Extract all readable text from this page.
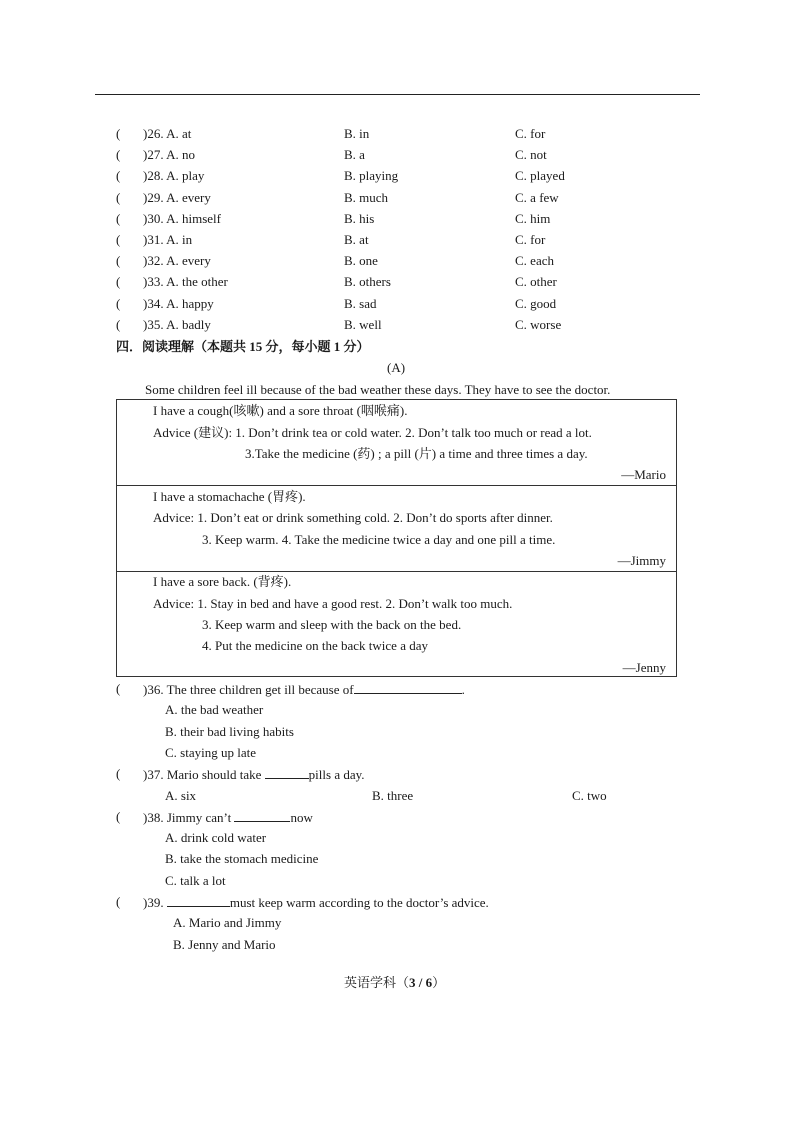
( )26. A. at	B. in	C. for
( )27. A. no	B. a	C. not
( )28. A. play	B. playing	C. played
( )29. A. every	B. much	C. a few
( )30. A. himself	B. his	C. him
( )31. A. in	B. at	C. for
( )32. A. every	B. one	C. each
( )33. A. the other	B. others	C. other
( )34. A. happy	B. sad	C. good
( )35. A. badly	B. well	C. worse
四．阅读理解（本题共 15 分，每小题 1 分）
(A)
Some children feel ill because of the bad weather these days. They have to see the doctor.
I have a cough(咳嗽) and a sore throat (咽喉痛).
Advice (建议): 1. Don’t drink tea or cold water. 2. Don’t talk too much or read a lot.
3.Take the medicine (药) ; a pill (片) a time and three times a day.
—Mario
I have a stomachache (胃疼).
Advice: 1. Don’t eat or drink something cold. 2. Don’t do sports after dinner.
3. Keep warm. 4. Take the medicine twice a day and one pill a time.
—Jimmy
I have a sore back. (背疼).
Advice: 1. Stay in bed and have a good rest. 2. Don’t walk too much.
3. Keep warm and sleep with the back on the bed.
4. Put the medicine on the back twice a day
—Jenny
( )36. The three children get ill because of	.
A. the bad weather
B. their bad living habits
C. staying up late
( )37. Mario should take	pills a day.
A. six	B. three	C. two
( )38. Jimmy can’t	now
A. drink cold water
B. take the stomach medicine
C. talk a lot
( )39.	must keep warm according to the doctor’s advice.
A. Mario and Jimmy
B. Jenny and Mario
英语学科（3 / 6）
